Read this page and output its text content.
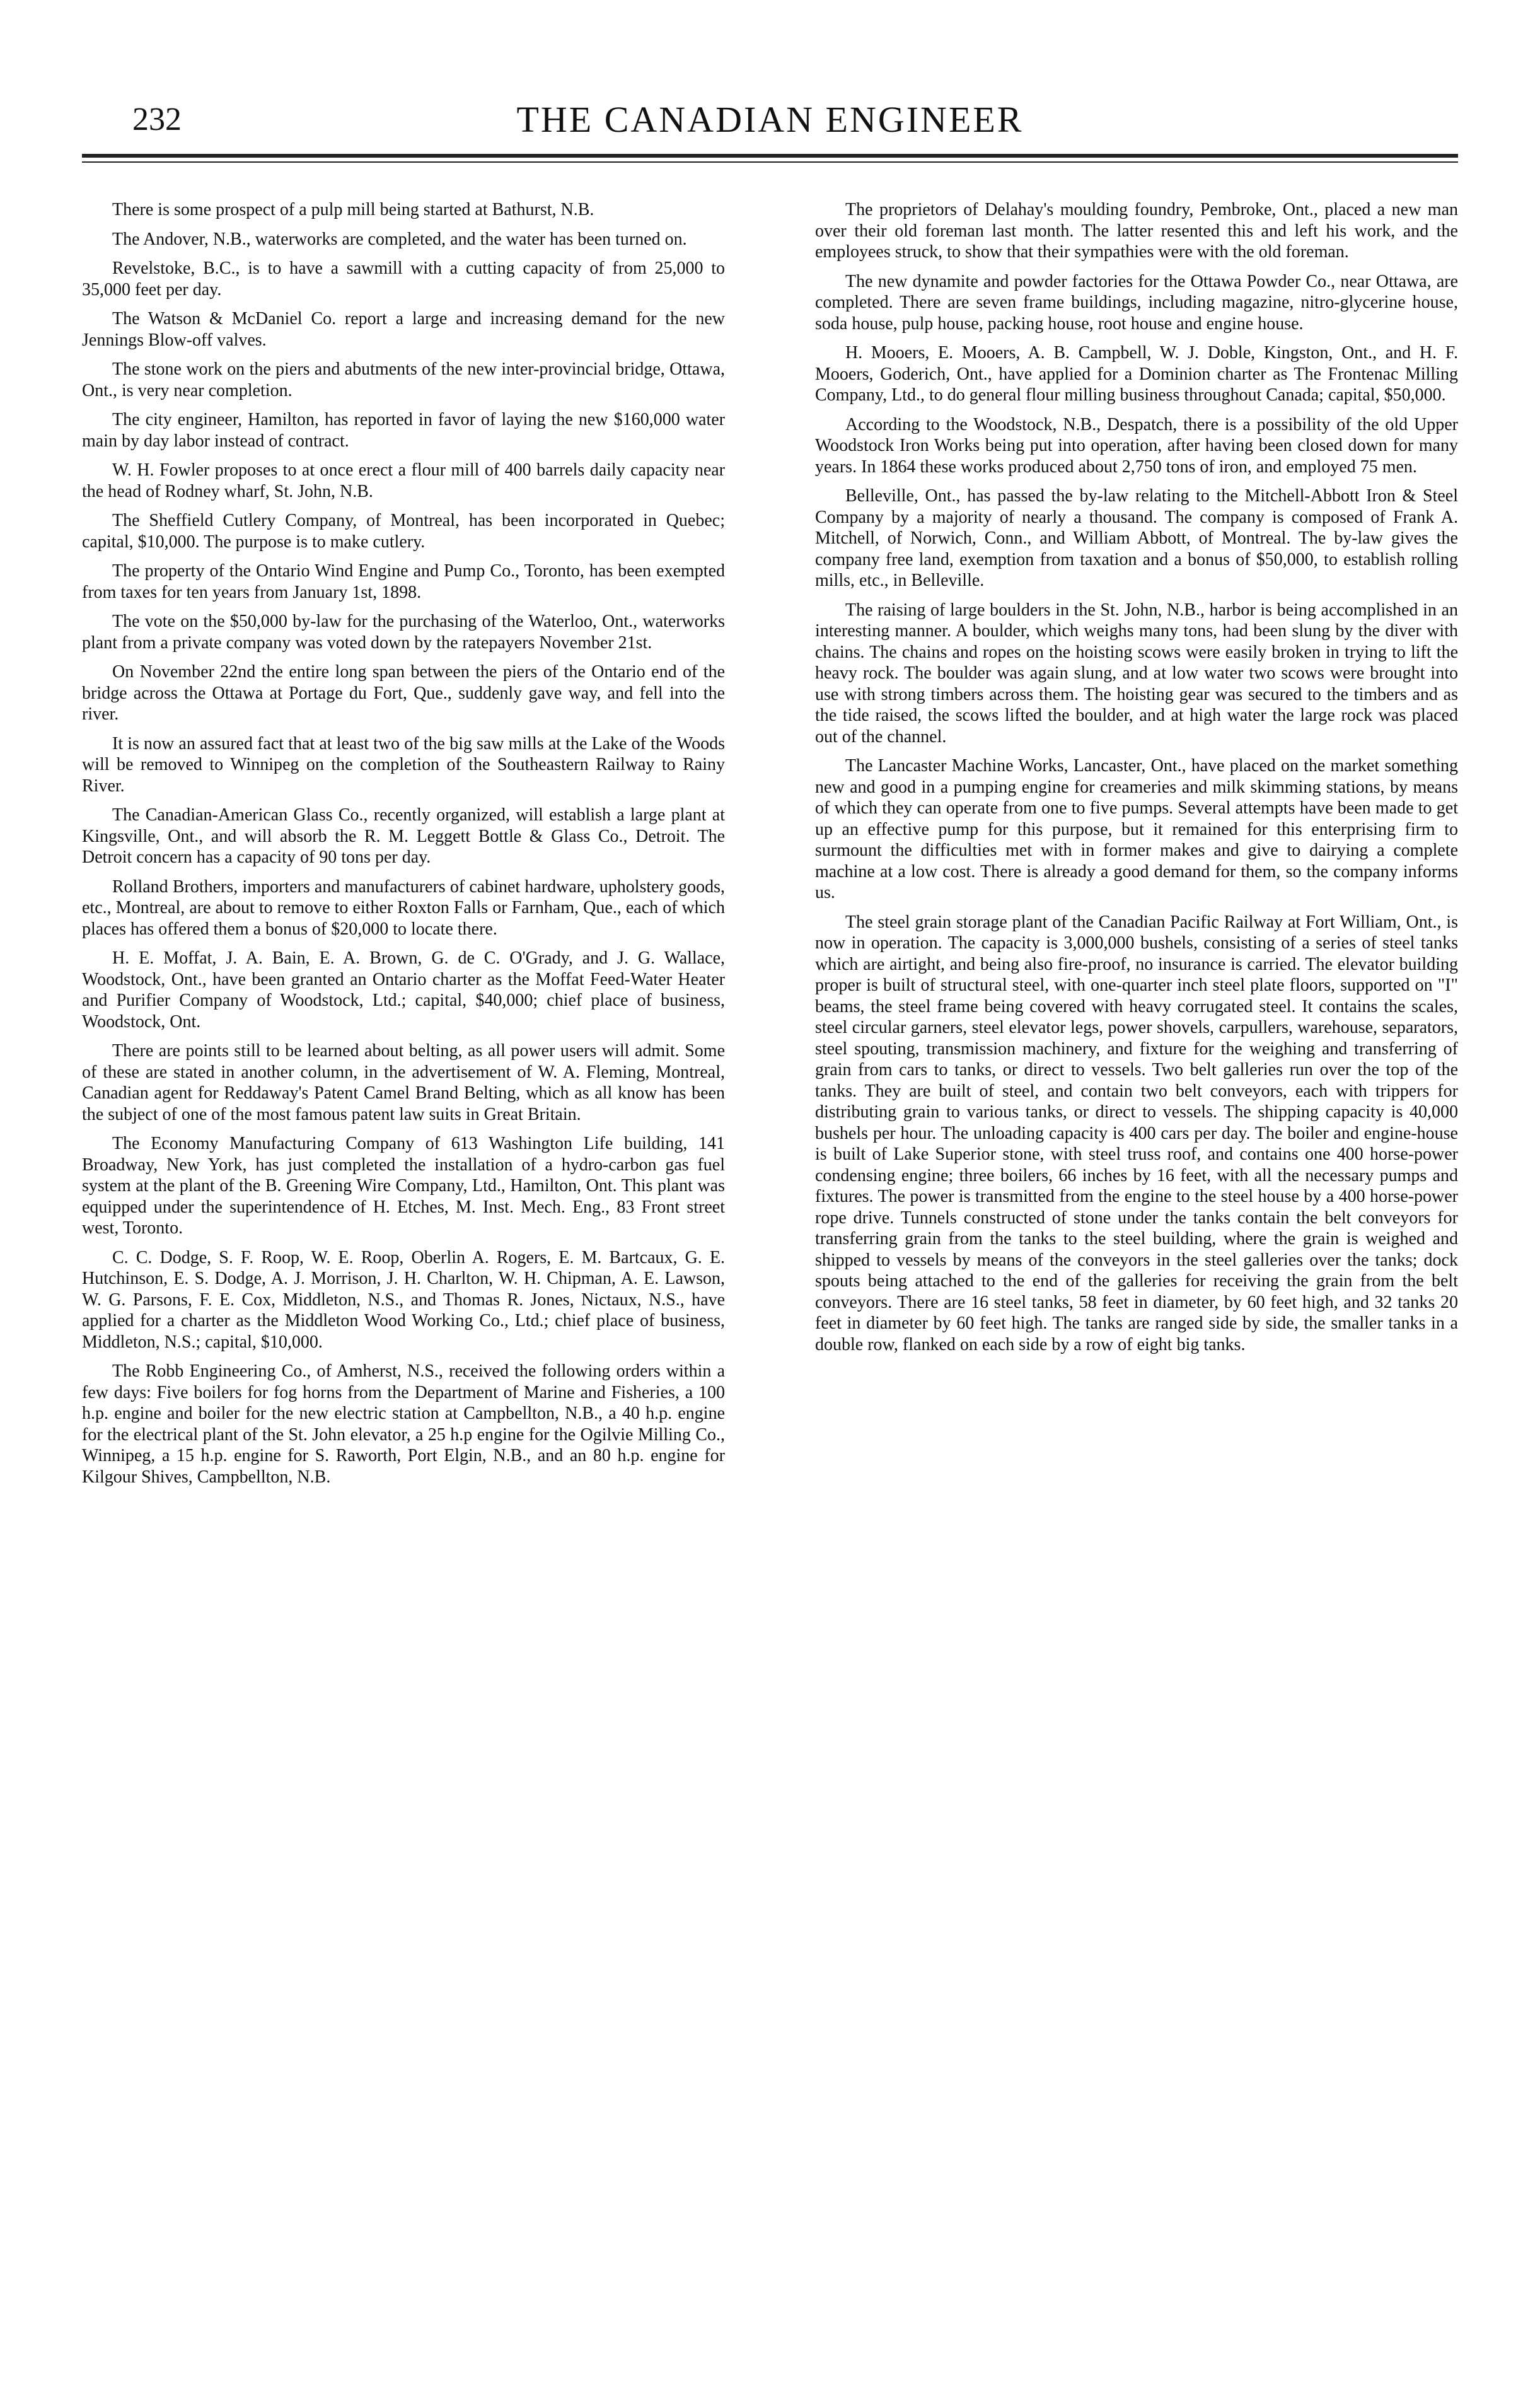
232	THE CANADIAN ENGINEER

There is some prospect of a pulp mill being started at Bathurst, N.B.

The Andover, N.B., waterworks are completed, and the water has been turned on.

Revelstoke, B.C., is to have a sawmill with a cutting capacity of from 25,000 to 35,000 feet per day.

The Watson & McDaniel Co. report a large and increasing demand for the new Jennings Blow-off valves.

The stone work on the piers and abutments of the new inter-provincial bridge, Ottawa, Ont., is very near completion.

The city engineer, Hamilton, has reported in favor of laying the new $160,000 water main by day labor instead of contract.

W. H. Fowler proposes to at once erect a flour mill of 400 barrels daily capacity near the head of Rodney wharf, St. John, N.B.

The Sheffield Cutlery Company, of Montreal, has been incorporated in Quebec; capital, $10,000. The purpose is to make cutlery.

The property of the Ontario Wind Engine and Pump Co., Toronto, has been exempted from taxes for ten years from January 1st, 1898.

The vote on the $50,000 by-law for the purchasing of the Waterloo, Ont., waterworks plant from a private company was voted down by the ratepayers November 21st.

On November 22nd the entire long span between the piers of the Ontario end of the bridge across the Ottawa at Portage du Fort, Que., suddenly gave way, and fell into the river.

It is now an assured fact that at least two of the big saw mills at the Lake of the Woods will be removed to Winnipeg on the completion of the Southeastern Railway to Rainy River.

The Canadian-American Glass Co., recently organized, will establish a large plant at Kingsville, Ont., and will absorb the R. M. Leggett Bottle & Glass Co., Detroit. The Detroit concern has a capacity of 90 tons per day.

Rolland Brothers, importers and manufacturers of cabinet hardware, upholstery goods, etc., Montreal, are about to remove to either Roxton Falls or Farnham, Que., each of which places has offered them a bonus of $20,000 to locate there.

H. E. Moffat, J. A. Bain, E. A. Brown, G. de C. O'Grady, and J. G. Wallace, Woodstock, Ont., have been granted an Ontario charter as the Moffat Feed-Water Heater and Purifier Company of Woodstock, Ltd.; capital, $40,000; chief place of business, Woodstock, Ont.

There are points still to be learned about belting, as all power users will admit. Some of these are stated in another column, in the advertisement of W. A. Fleming, Montreal, Canadian agent for Reddaway's Patent Camel Brand Belting, which as all know has been the subject of one of the most famous patent law suits in Great Britain.

The Economy Manufacturing Company of 613 Washington Life building, 141 Broadway, New York, has just completed the installation of a hydro-carbon gas fuel system at the plant of the B. Greening Wire Company, Ltd., Hamilton, Ont. This plant was equipped under the superintendence of H. Etches, M. Inst. Mech. Eng., 83 Front street west, Toronto.

C. C. Dodge, S. F. Roop, W. E. Roop, Oberlin A. Rogers, E. M. Bartcaux, G. E. Hutchinson, E. S. Dodge, A. J. Morrison, J. H. Charlton, W. H. Chipman, A. E. Lawson, W. G. Parsons, F. E. Cox, Middleton, N.S., and Thomas R. Jones, Nictaux, N.S., have applied for a charter as the Middleton Wood Working Co., Ltd.; chief place of business, Middleton, N.S.; capital, $10,000.

The Robb Engineering Co., of Amherst, N.S., received the following orders within a few days: Five boilers for fog horns from the Department of Marine and Fisheries, a 100 h.p. engine and boiler for the new electric station at Campbellton, N.B., a 40 h.p. engine for the electrical plant of the St. John elevator, a 25 h.p engine for the Ogilvie Milling Co., Winnipeg, a 15 h.p. engine for S. Raworth, Port Elgin, N.B., and an 80 h.p. engine for Kilgour Shives, Campbellton, N.B.

The proprietors of Delahay's moulding foundry, Pembroke, Ont., placed a new man over their old foreman last month. The latter resented this and left his work, and the employees struck, to show that their sympathies were with the old foreman.

The new dynamite and powder factories for the Ottawa Powder Co., near Ottawa, are completed. There are seven frame buildings, including magazine, nitro-glycerine house, soda house, pulp house, packing house, root house and engine house.

H. Mooers, E. Mooers, A. B. Campbell, W. J. Doble, Kingston, Ont., and H. F. Mooers, Goderich, Ont., have applied for a Dominion charter as The Frontenac Milling Company, Ltd., to do general flour milling business throughout Canada; capital, $50,000.

According to the Woodstock, N.B., Despatch, there is a possibility of the old Upper Woodstock Iron Works being put into operation, after having been closed down for many years. In 1864 these works produced about 2,750 tons of iron, and employed 75 men.

Belleville, Ont., has passed the by-law relating to the Mitchell-Abbott Iron & Steel Company by a majority of nearly a thousand. The company is composed of Frank A. Mitchell, of Norwich, Conn., and William Abbott, of Montreal. The by-law gives the company free land, exemption from taxation and a bonus of $50,000, to establish rolling mills, etc., in Belleville.

The raising of large boulders in the St. John, N.B., harbor is being accomplished in an interesting manner. A boulder, which weighs many tons, had been slung by the diver with chains. The chains and ropes on the hoisting scows were easily broken in trying to lift the heavy rock. The boulder was again slung, and at low water two scows were brought into use with strong timbers across them. The hoisting gear was secured to the timbers and as the tide raised, the scows lifted the boulder, and at high water the large rock was placed out of the channel.

The Lancaster Machine Works, Lancaster, Ont., have placed on the market something new and good in a pumping engine for creameries and milk skimming stations, by means of which they can operate from one to five pumps. Several attempts have been made to get up an effective pump for this purpose, but it remained for this enterprising firm to surmount the difficulties met with in former makes and give to dairying a complete machine at a low cost. There is already a good demand for them, so the company informs us.

The steel grain storage plant of the Canadian Pacific Railway at Fort William, Ont., is now in operation. The capacity is 3,000,000 bushels, consisting of a series of steel tanks which are airtight, and being also fire-proof, no insurance is carried. The elevator building proper is built of structural steel, with one-quarter inch steel plate floors, supported on "I" beams, the steel frame being covered with heavy corrugated steel. It contains the scales, steel circular garners, steel elevator legs, power shovels, carpullers, warehouse, separators, steel spouting, transmission machinery, and fixture for the weighing and transferring of grain from cars to tanks, or direct to vessels. Two belt galleries run over the top of the tanks. They are built of steel, and contain two belt conveyors, each with trippers for distributing grain to various tanks, or direct to vessels. The shipping capacity is 40,000 bushels per hour. The unloading capacity is 400 cars per day. The boiler and engine-house is built of Lake Superior stone, with steel truss roof, and contains one 400 horse-power condensing engine; three boilers, 66 inches by 16 feet, with all the necessary pumps and fixtures. The power is transmitted from the engine to the steel house by a 400 horse-power rope drive. Tunnels constructed of stone under the tanks contain the belt conveyors for transferring grain from the tanks to the steel building, where the grain is weighed and shipped to vessels by means of the conveyors in the steel galleries over the tanks; dock spouts being attached to the end of the galleries for receiving the grain from the belt conveyors. There are 16 steel tanks, 58 feet in diameter, by 60 feet high, and 32 tanks 20 feet in diameter by 60 feet high. The tanks are ranged side by side, the smaller tanks in a double row, flanked on each side by a row of eight big tanks.
